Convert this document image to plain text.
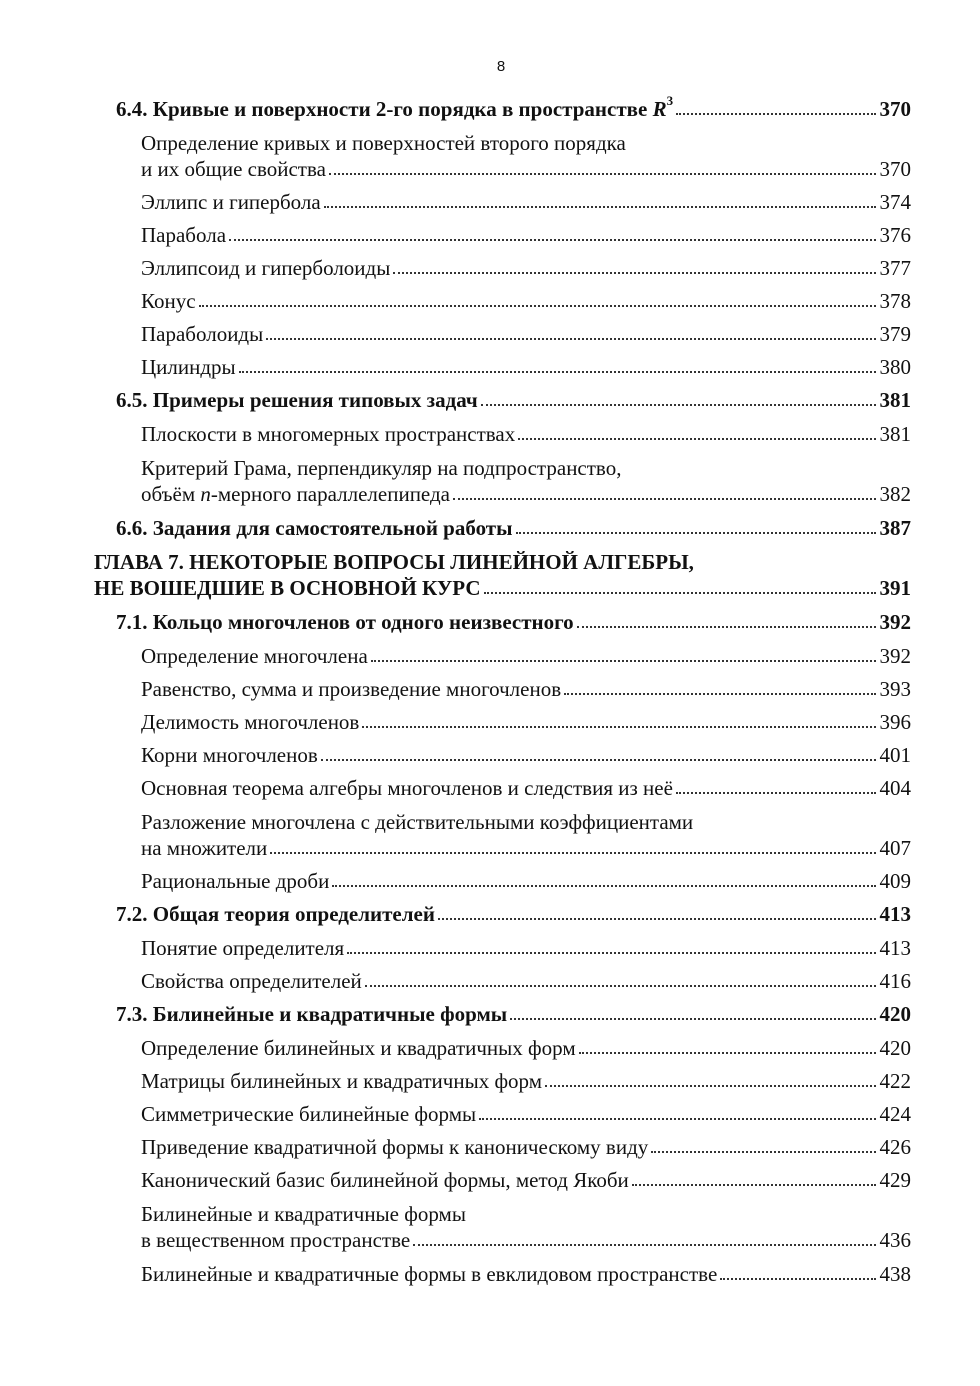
8
6.4. Кривые и поверхности 2-го порядка в пространстве $R^3$	370
Определение кривых и поверхностей второго порядка
и их общие свойства	370
Эллипс и гипербола	374
Парабола	376
Эллипсоид и гиперболоиды	377
Конус	378
Параболоиды	379
Цилиндры	380
6.5. Примеры решения типовых задач	381
Плоскости в многомерных пространствах	381
Критерий Грама, перпендикуляр на подпространство,
объём n-мерного параллелепипеда	382
6.6. Задания для самостоятельной работы	387
ГЛАВА 7. НЕКОТОРЫЕ ВОПРОСЫ ЛИНЕЙНОЙ АЛГЕБРЫ,
НЕ ВОШЕДШИЕ В ОСНОВНОЙ КУРС	391
7.1. Кольцо многочленов от одного неизвестного	392
Определение многочлена	392
Равенство, сумма и произведение многочленов	393
Делимость многочленов	396
Корни многочленов	401
Основная теорема алгебры многочленов и следствия из неё	404
Разложение многочлена с действительными коэффициентами
на множители	407
Рациональные дроби	409
7.2. Общая теория определителей	413
Понятие определителя	413
Свойства определителей	416
7.3. Билинейные и квадратичные формы	420
Определение билинейных и квадратичных форм	420
Матрицы билинейных и квадратичных форм	422
Симметрические билинейные формы	424
Приведение квадратичной формы к каноническому виду	426
Канонический базис билинейной формы, метод Якоби	429
Билинейные и квадратичные формы
в вещественном пространстве	436
Билинейные и квадратичные формы в евклидовом пространстве	438
